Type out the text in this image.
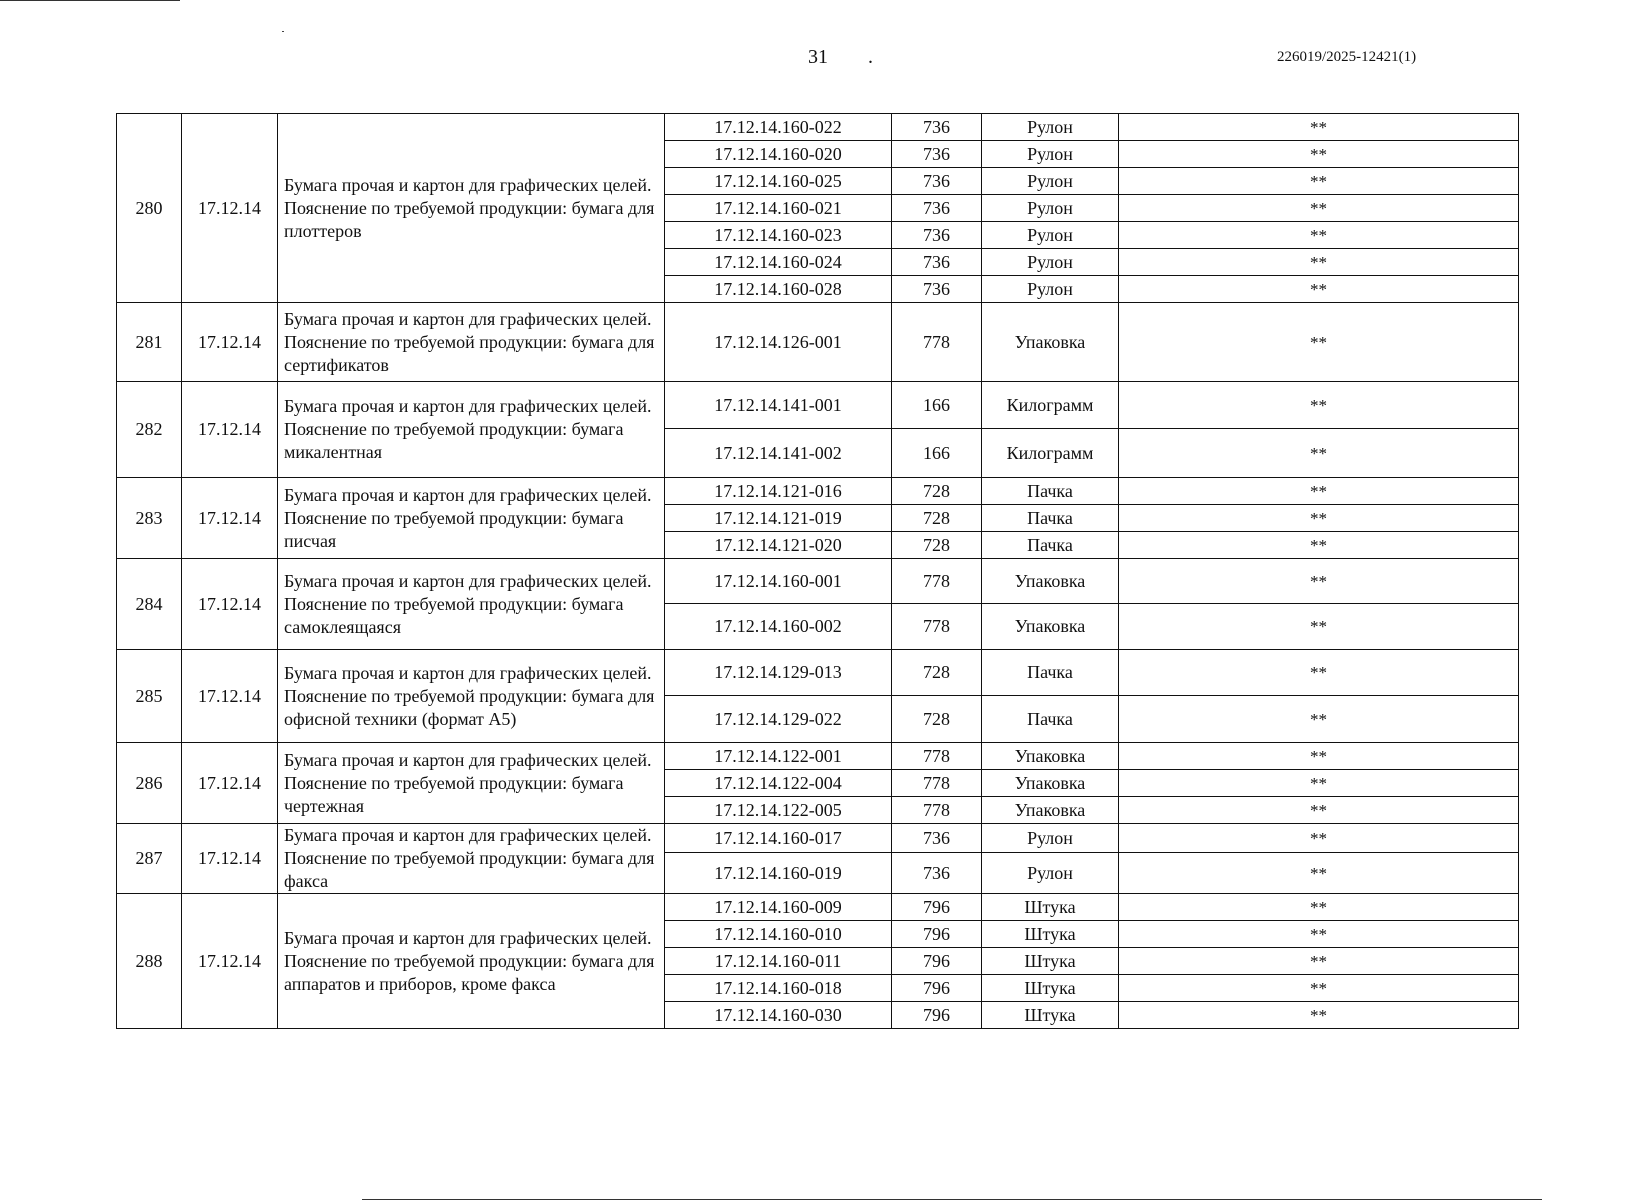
31 .	226019/2025-12421(1)
280	17.12.14	Бумага прочая и картон для графических целей. Пояснение по требуемой продукции: бумага для плоттеров	17.12.14.160-022	736	Рулон	**
			17.12.14.160-020	736	Рулон	**
			17.12.14.160-025	736	Рулон	**
			17.12.14.160-021	736	Рулон	**
			17.12.14.160-023	736	Рулон	**
			17.12.14.160-024	736	Рулон	**
			17.12.14.160-028	736	Рулон	**
281	17.12.14	Бумага прочая и картон для графических целей. Пояснение по требуемой продукции: бумага для сертификатов	17.12.14.126-001	778	Упаковка	**
282	17.12.14	Бумага прочая и картон для графических целей. Пояснение по требуемой продукции: бумага микалентная	17.12.14.141-001	166	Килограмм	**
			17.12.14.141-002	166	Килограмм	**
283	17.12.14	Бумага прочая и картон для графических целей. Пояснение по требуемой продукции: бумага писчая	17.12.14.121-016	728	Пачка	**
			17.12.14.121-019	728	Пачка	**
			17.12.14.121-020	728	Пачка	**
284	17.12.14	Бумага прочая и картон для графических целей. Пояснение по требуемой продукции: бумага самоклеящаяся	17.12.14.160-001	778	Упаковка	**
			17.12.14.160-002	778	Упаковка	**
285	17.12.14	Бумага прочая и картон для графических целей. Пояснение по требуемой продукции: бумага для офисной техники (формат А5)	17.12.14.129-013	728	Пачка	**
			17.12.14.129-022	728	Пачка	**
286	17.12.14	Бумага прочая и картон для графических целей. Пояснение по требуемой продукции: бумага чертежная	17.12.14.122-001	778	Упаковка	**
			17.12.14.122-004	778	Упаковка	**
			17.12.14.122-005	778	Упаковка	**
287	17.12.14	Бумага прочая и картон для графических целей. Пояснение по требуемой продукции: бумага для факса	17.12.14.160-017	736	Рулон	**
			17.12.14.160-019	736	Рулон	**
288	17.12.14	Бумага прочая и картон для графических целей. Пояснение по требуемой продукции: бумага для аппаратов и приборов, кроме факса	17.12.14.160-009	796	Штука	**
			17.12.14.160-010	796	Штука	**
			17.12.14.160-011	796	Штука	**
			17.12.14.160-018	796	Штука	**
			17.12.14.160-030	796	Штука	**
